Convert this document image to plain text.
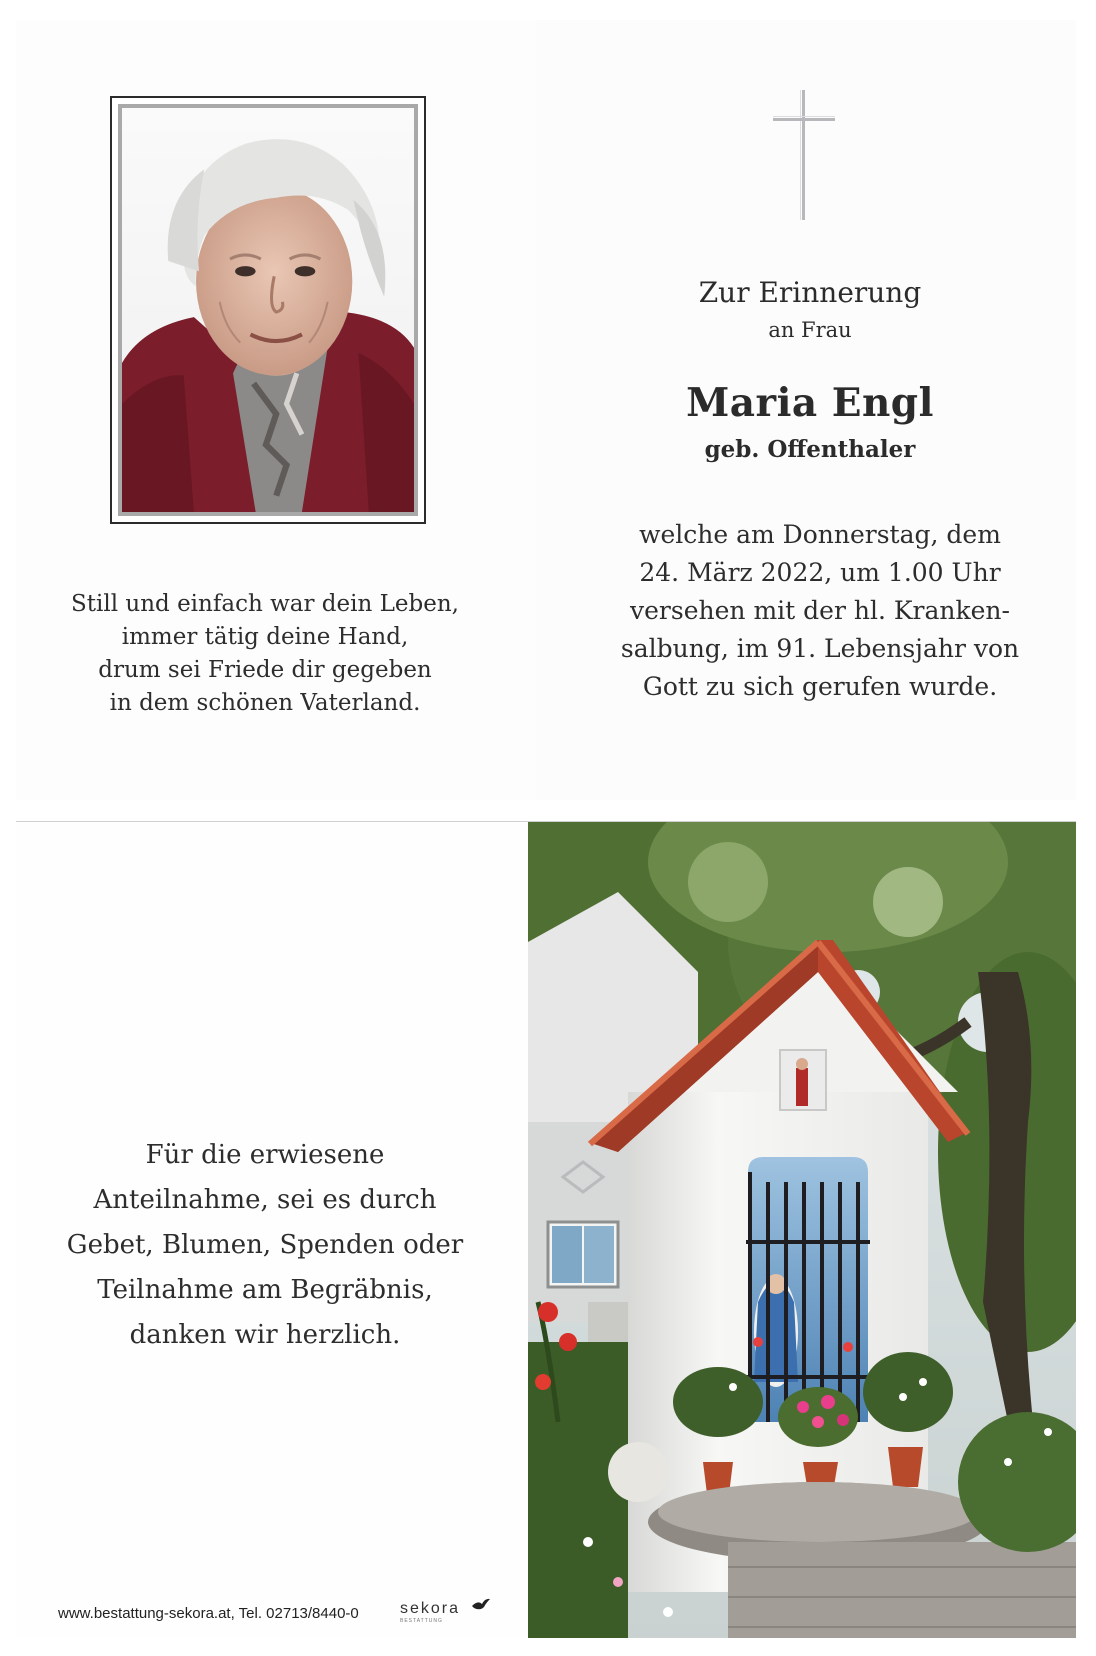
Still und einfach war dein Leben,
immer tätig deine Hand,
drum sei Friede dir gegeben
in dem schönen Vaterland.
Zur Erinnerung
an Frau
Maria Engl
geb. Offenthaler
welche am Donnerstag, dem
24. März 2022, um 1.00 Uhr
versehen mit der hl. Kranken-
salbung, im 91. Lebensjahr von
Gott zu sich gerufen wurde.
Für die erwiesene
Anteilnahme, sei es durch
Gebet, Blumen, Spenden oder
Teilnahme am Begräbnis,
danken wir herzlich.
www.bestattung-sekora.at, Tel. 02713/8440-0	sekora
BESTATTUNG
